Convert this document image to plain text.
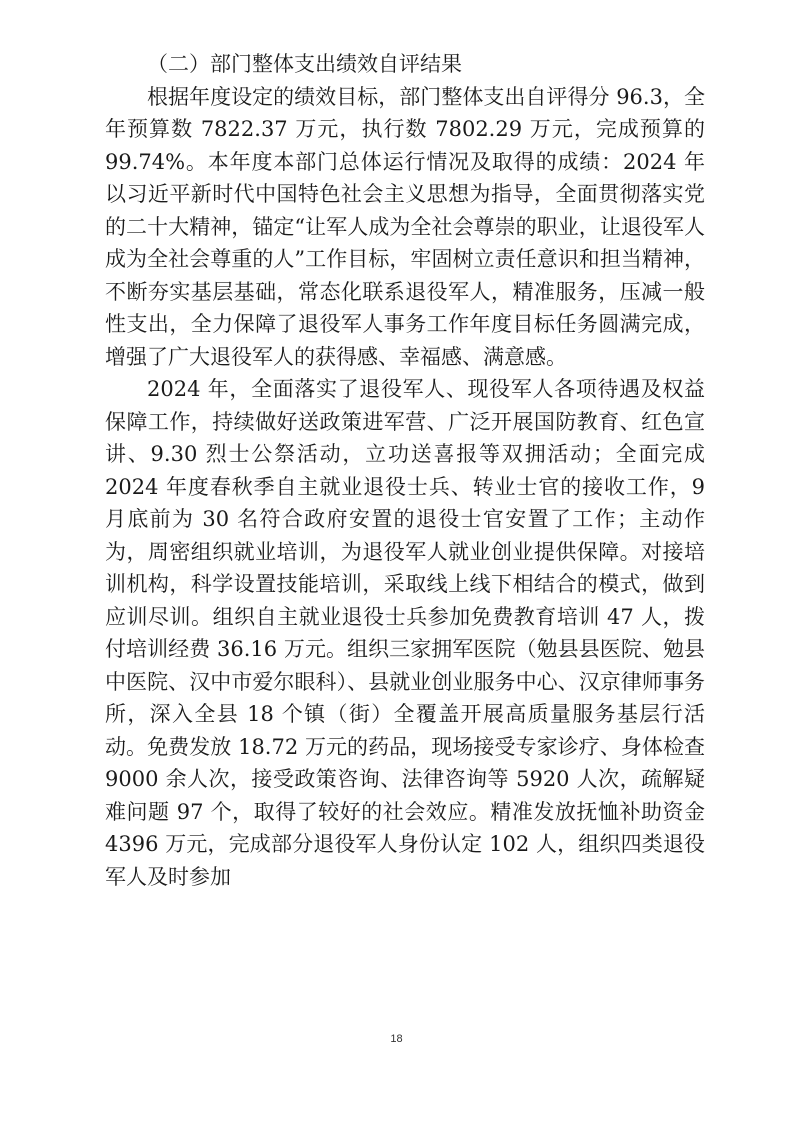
（二）部门整体支出绩效自评结果

根据年度设定的绩效目标，部门整体支出自评得分 96.3，全年预算数 7822.37 万元，执行数 7802.29 万元，完成预算的 99.74%。本年度本部门总体运行情况及取得的成绩：2024 年以习近平新时代中国特色社会主义思想为指导，全面贯彻落实党的二十大精神，锚定“让军人成为全社会尊崇的职业，让退役军人成为全社会尊重的人”工作目标，牢固树立责任意识和担当精神，不断夯实基层基础，常态化联系退役军人，精准服务，压减一般性支出，全力保障了退役军人事务工作年度目标任务圆满完成，增强了广大退役军人的获得感、幸福感、满意感。

2024 年，全面落实了退役军人、现役军人各项待遇及权益保障工作，持续做好送政策进军营、广泛开展国防教育、红色宣讲、9.30 烈士公祭活动，立功送喜报等双拥活动；全面完成 2024 年度春秋季自主就业退役士兵、转业士官的接收工作，9 月底前为 30 名符合政府安置的退役士官安置了工作；主动作为，周密组织就业培训，为退役军人就业创业提供保障。对接培训机构，科学设置技能培训，采取线上线下相结合的模式，做到应训尽训。组织自主就业退役士兵参加免费教育培训 47 人，拨付培训经费 36.16 万元。组织三家拥军医院（勉县县医院、勉县中医院、汉中市爱尔眼科）、县就业创业服务中心、汉京律师事务所，深入全县 18 个镇（街）全覆盖开展高质量服务基层行活动。免费发放 18.72 万元的药品，现场接受专家诊疗、身体检查 9000 余人次，接受政策咨询、法律咨询等 5920 人次，疏解疑难问题 97 个，取得了较好的社会效应。精准发放抚恤补助资金 4396 万元，完成部分退役军人身份认定 102 人，组织四类退役军人及时参加

18
